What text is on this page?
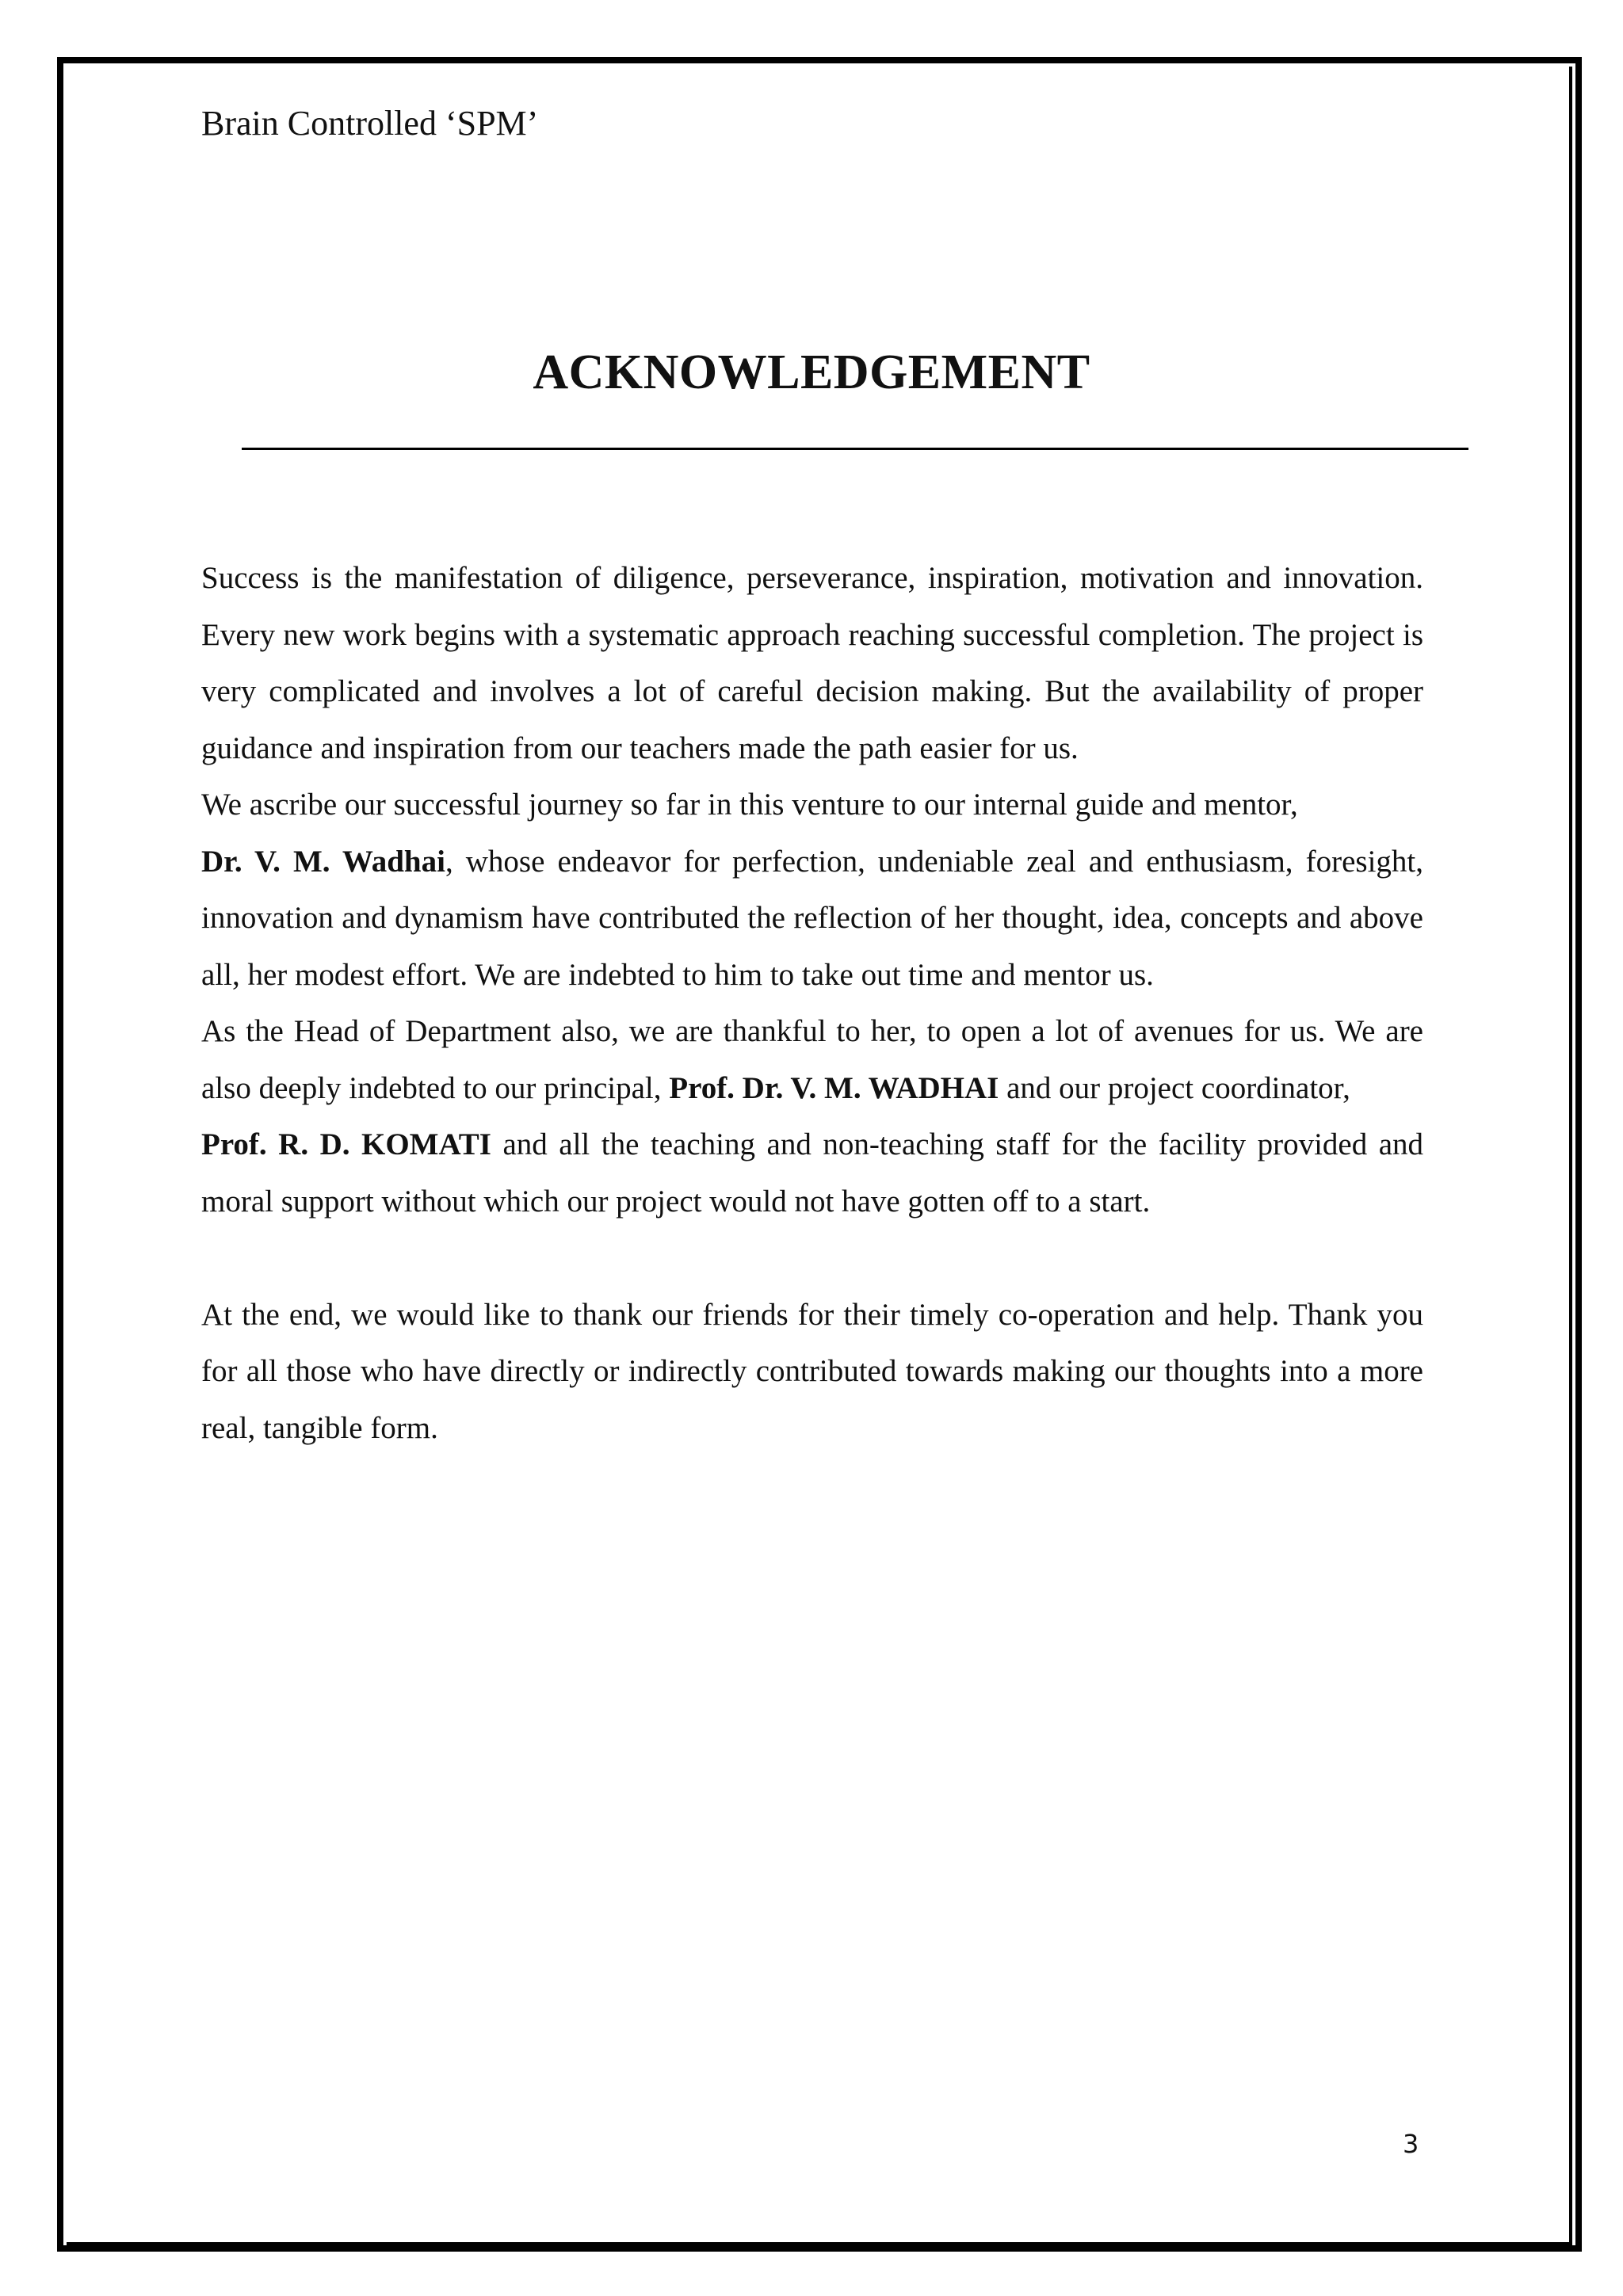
Brain Controlled ‘SPM’
ACKNOWLEDGEMENT

Success is the manifestation of diligence, perseverance, inspiration, motivation and innovation. Every new work begins with a systematic approach reaching successful completion. The project is very complicated and involves a lot of careful decision making. But the availability of proper guidance and inspiration from our teachers made the path easier for us.

We ascribe our successful journey so far in this venture to our internal guide and mentor,

Dr. V. M. Wadhai, whose endeavor for perfection, undeniable zeal and enthusiasm, foresight, innovation and dynamism have contributed the reflection of her thought, idea, concepts and above all, her modest effort. We are indebted to him to take out time and mentor us.

As the Head of Department also, we are thankful to her, to open a lot of avenues for us. We are also deeply indebted to our principal, Prof. Dr. V. M. WADHAI and our project coordinator,

Prof. R. D. KOMATI and all the teaching and non-teaching staff for the facility provided and moral support without which our project would not have gotten off to a start.

At the end, we would like to thank our friends for their timely co-operation and help. Thank you for all those who have directly or indirectly contributed towards making our thoughts into a more real, tangible form.

3
